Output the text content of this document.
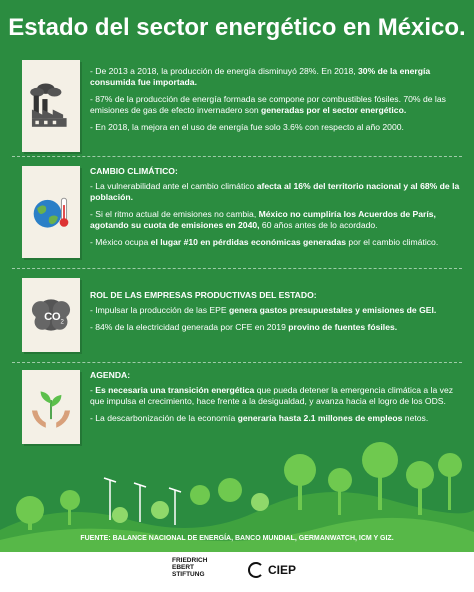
Estado del sector energético en México.

- De 2013 a 2018, la producción de energía disminuyó 28%. En 2018, 30% de la energía consumida fue importada.

- 87% de la producción de energía formada se compone por combustibles fósiles. 70% de las emisiones de gas de efecto invernadero son generadas por el sector energético.

- En 2018, la mejora en el uso de energía fue solo 3.6% con respecto al año 2000.

CAMBIO CLIMÁTICO:

- La vulnerabilidad ante el cambio climático afecta al 16% del territorio nacional y al 68% de la población.

- Si el ritmo actual de emisiones no cambia, México no cumpliría los Acuerdos de París, agotando su cuota de emisiones en 2040, 60 años antes de lo acordado.

- México ocupa el lugar #10 en pérdidas económicas generadas por el cambio climático.

C O 2

ROL DE LAS EMPRESAS PRODUCTIVAS DEL ESTADO:

- Impulsar la producción de las EPE genera gastos presupuestales y emisiones de GEI.

- 84% de la electricidad generada por CFE en 2019 provino de fuentes fósiles.

AGENDA:

- Es necesaria una transición energética que pueda detener la emergencia climática a la vez que impulsa el crecimiento, hace frente a la desigualdad, y avanza hacia el logro de los ODS.

- La descarbonización de la economía generaría hasta 2.1 millones de empleos netos.

FUENTE: BALANCE NACIONAL DE ENERGÍA, BANCO MUNDIAL, GERMANWATCH, ICM Y GIZ.
FRIEDRICH
EBERT
STIFTUNG	CIEP
